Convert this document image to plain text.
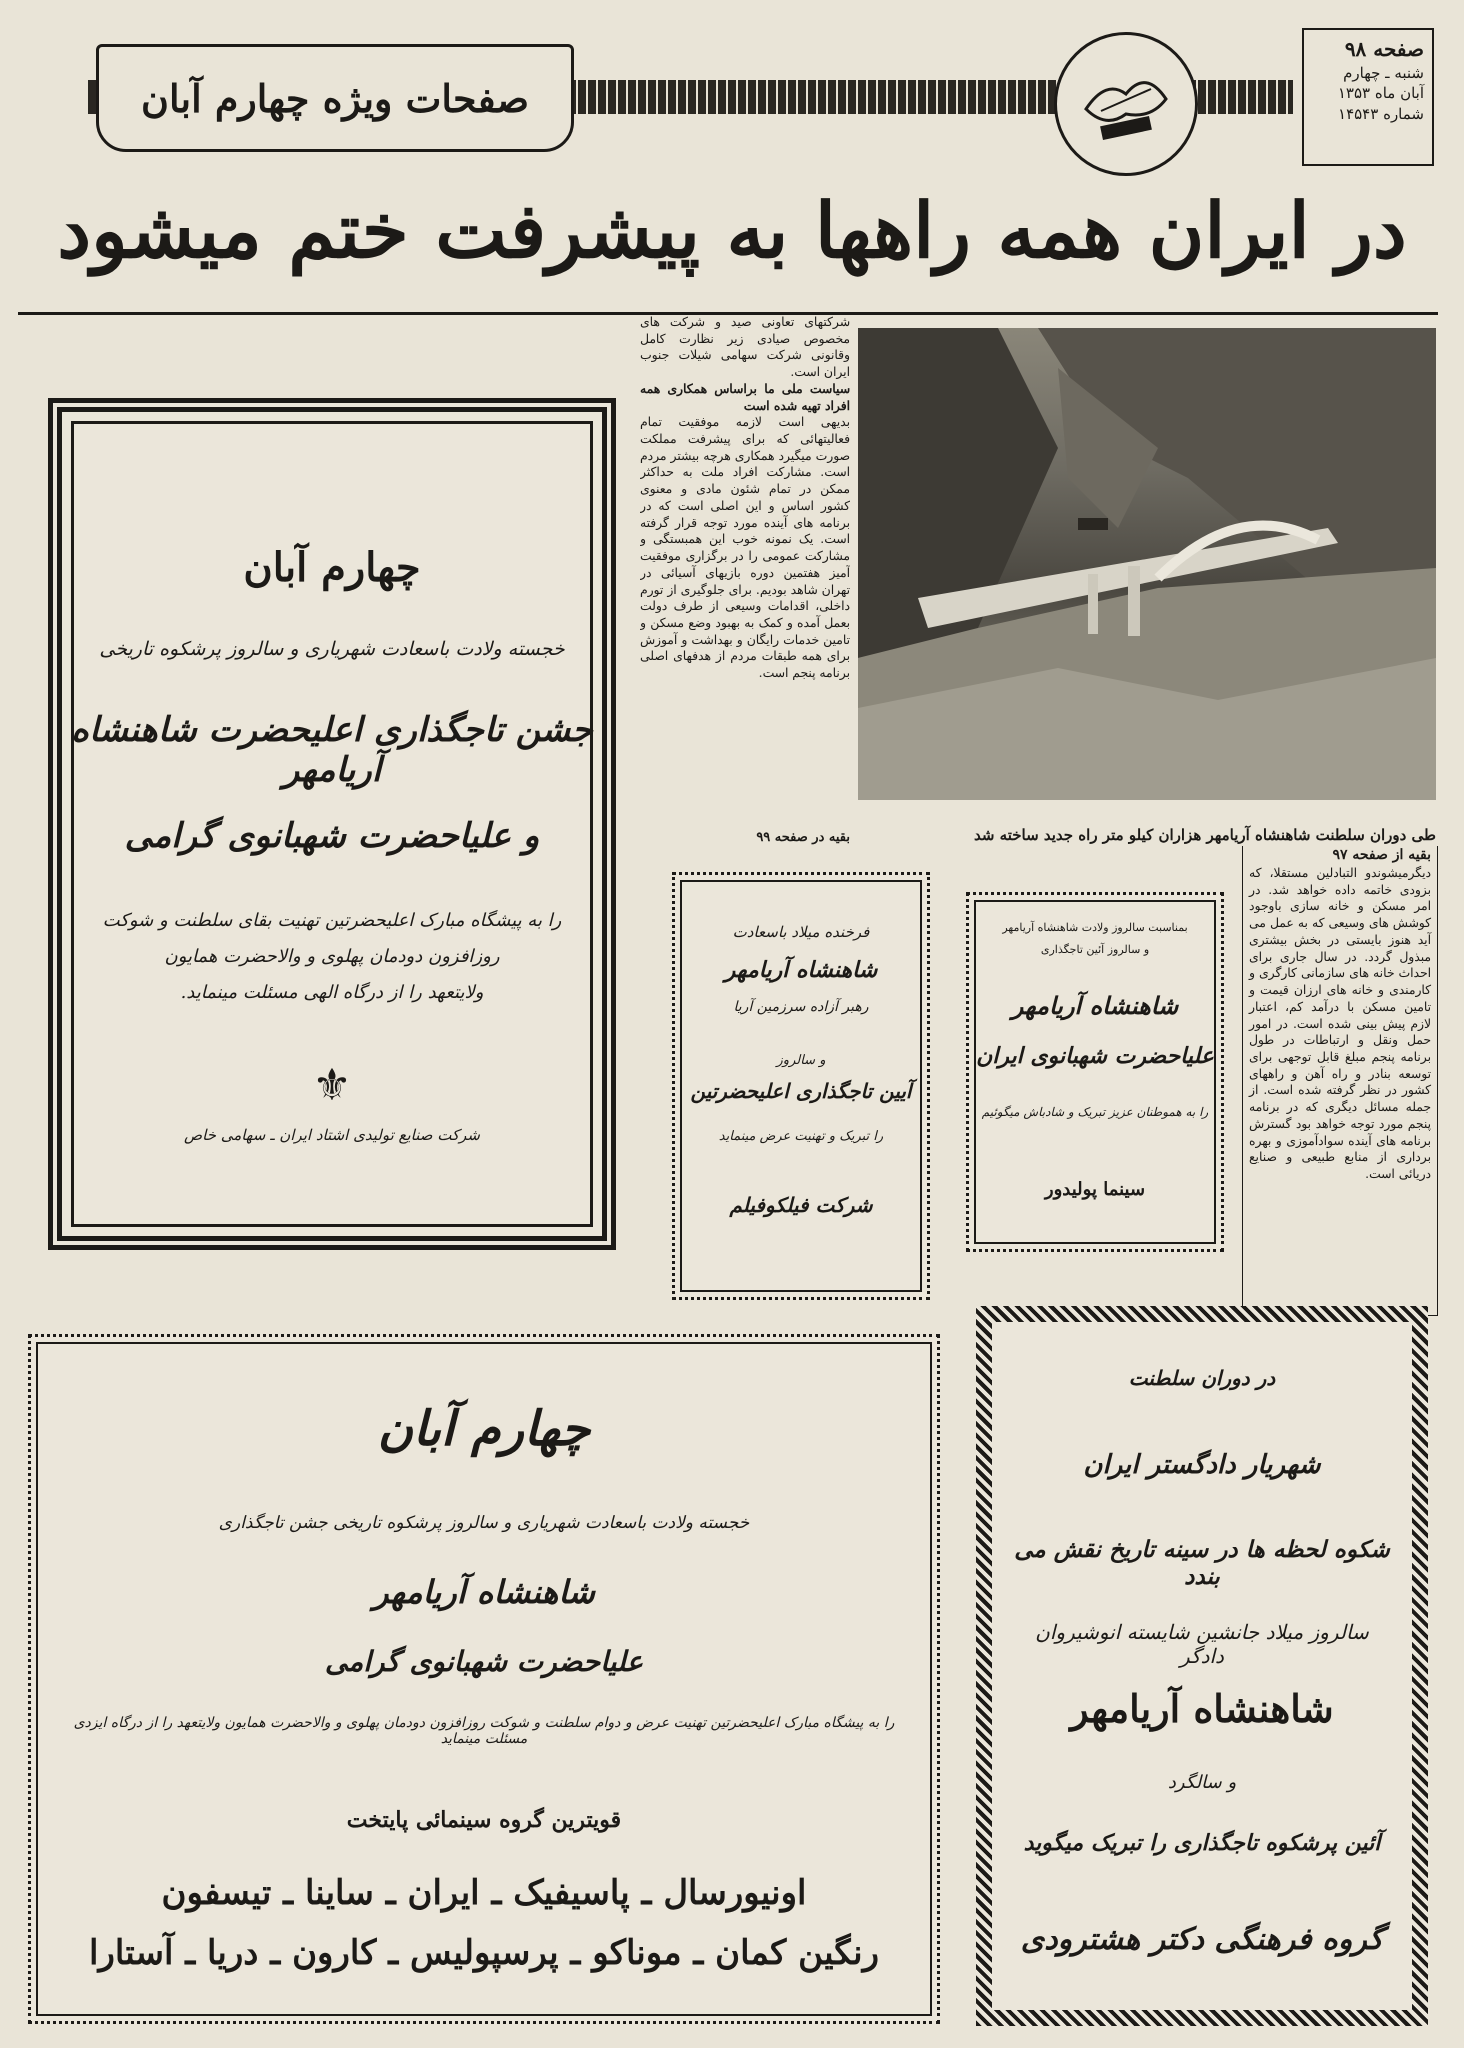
صفحات ویژه چهارم آبان
صفحه ۹۸
شنبه ـ چهارم
آبان ماه ۱۳۵۳
شماره ۱۴۵۴۳
در ایران همه راهها به پیشرفت ختم میشود
شرکتهای تعاونی صید و شرکت های مخصوص صیادی زیر نظارت کامل وقانونی شرکت سهامی شیلات جنوب ایران است.
سیاست ملی ما براساس همکاری همه افراد تهیه شده است
بدیهی است لازمه موفقیت تمام فعالیتهائی که برای پیشرفت مملکت صورت میگیرد همکاری هرچه بیشتر مردم است. مشارکت افراد ملت به حداکثر ممکن در تمام شئون مادی و معنوی کشور اساس و این اصلی است که در برنامه های آینده مورد توجه قرار گرفته است. یک نمونه خوب این همبستگی و مشارکت عمومی را در برگزاری موفقیت آمیز هفتمین دوره بازیهای آسیائی در تهران شاهد بودیم. برای جلوگیری از تورم داخلی، اقدامات وسیعی از طرف دولت بعمل آمده و کمک به بهبود وضع مسکن و تامین خدمات رایگان و بهداشت و آموزش برای همه طبقات مردم از هدفهای اصلی برنامه پنجم است.
بقیه در صفحه ۹۹	طی دوران سلطنت شاهنشاه آریامهر هزاران کیلو متر راه جدید ساخته شد
بقیه از صفحه ۹۷
دیگرمیشوندو التبادلین مستقلا، که بزودی خاتمه داده خواهد شد. در امر مسکن و خانه سازی باوجود کوشش های وسیعی که به عمل می آید هنوز بایستی در بخش بیشتری مبذول گردد. در سال جاری برای احداث خانه های سازمانی کارگری و کارمندی و خانه های ارزان قیمت و تامین مسکن با درآمد کم، اعتبار لازم پیش بینی شده است. در امور حمل ونقل و ارتباطات در طول برنامه پنجم مبلغ قابل توجهی برای توسعه بنادر و راه آهن و راههای کشور در نظر گرفته شده است. از جمله مسائل دیگری که در برنامه پنجم مورد توجه خواهد بود گسترش برنامه های آینده سوادآموزی و بهره برداری از منابع طبیعی و صنایع دریائی است.
چهارم آبان
خجسته ولادت باسعادت شهریاری و سالروز پرشکوه تاریخی
جشن تاجگذاری اعلیحضرت شاهنشاه آریامهر
و علیاحضرت شهبانوی گرامی
را به پیشگاه مبارک اعلیحضرتین تهنیت بقای سلطنت و شوکت
روزافزون دودمان پهلوی و والاحضرت همایون
ولایتعهد را از درگاه الهی مسئلت مینماید.
⚜
شرکت صنایع تولیدی اشتاد ایران ـ سهامی خاص
فرخنده میلاد باسعادت
شاهنشاه آریامهر
رهبر آزاده سرزمین آریا
و سالروز
آیین تاجگذاری اعلیحضرتین
را تبریک و تهنیت عرض مینماید
شرکت فیلکوفیلم
بمناسبت سالروز ولادت شاهنشاه آریامهر
و سالروز آئین تاجگذاری
شاهنشاه آریامهر
علیاحضرت شهبانوی ایران
را به هموطنان عزیز تبریک و شادباش میگوئیم
سینما پولیدور
چهارم آبان
خجسته ولادت باسعادت شهریاری و سالروز پرشکوه تاریخی جشن تاجگذاری
شاهنشاه آریامهر
علیاحضرت شهبانوی گرامی
را به پیشگاه مبارک اعلیحضرتین تهنیت عرض و دوام سلطنت و شوکت روزافزون دودمان پهلوی و والاحضرت همایون ولایتعهد را از درگاه ایزدی مسئلت مینماید
قویترین گروه سینمائی پایتخت
اونیورسال ـ پاسیفیک ـ ایران ـ ساینا ـ تیسفون
رنگین کمان ـ موناکو ـ پرسپولیس ـ کارون ـ دریا ـ آستارا
در دوران سلطنت
شهریار دادگستر ایران
شکوه لحظه ها در سینه تاریخ نقش می بندد
سالروز میلاد جانشین شایسته انوشیروان دادگر
شاهنشاه آریامهر
و سالگرد
آئین پرشکوه تاجگذاری را تبریک میگوید
گروه فرهنگی دکتر هشترودی
